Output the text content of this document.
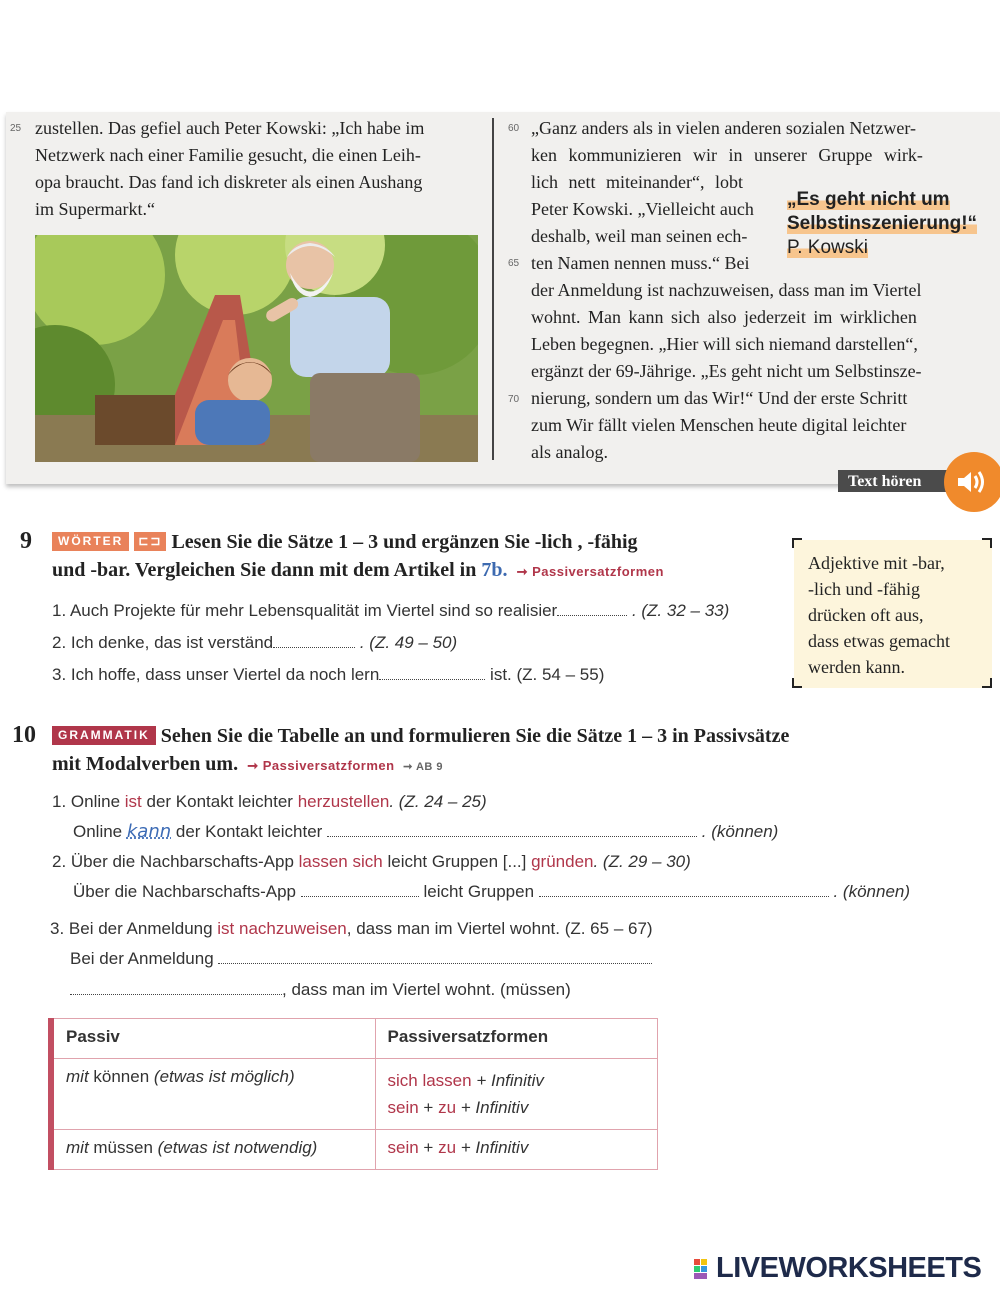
25 zustellen. Das gefiel auch Peter Kowski: „Ich habe im
Netzwerk nach einer Familie gesucht, die einen Leih-
opa braucht. Das fand ich diskreter als einen Aushang
im Supermarkt.“
60 „Ganz anders als in vielen anderen sozialen Netzwer-
ken kommunizieren wir in unserer Gruppe wirk-
lich nett miteinander“, lobt
Peter Kowski. „Vielleicht auch
deshalb, weil man seinen ech-
65 ten Namen nennen muss.“ Bei
der Anmeldung ist nachzuweisen, dass man im Viertel
wohnt. Man kann sich also jederzeit im wirklichen
Leben begegnen. „Hier will sich niemand darstellen“,
ergänzt der 69-Jährige. „Es geht nicht um Selbstinsze-
70 nierung, sondern um das Wir!“ Und der erste Schritt
zum Wir fällt vielen Menschen heute digital leichter
als analog.
„Es geht nicht um
Selbstinszenierung!“
P. Kowski
Text hören
9	WÖRTER ⊏⊐ Lesen Sie die Sätze 1 – 3 und ergänzen Sie -lich , -fähig
und -bar. Vergleichen Sie dann mit dem Artikel in 7b.  ➞ Passiversatzformen
1. Auch Projekte für mehr Lebensqualität im Viertel sind so realisier	. (Z. 32 – 33)
2. Ich denke, das ist verständ	. (Z. 49 – 50)
3. Ich hoffe, dass unser Viertel da noch lern	ist. (Z. 54 – 55)
Adjektive mit -bar,
-lich und -fähig
drücken oft aus,
dass etwas gemacht
werden kann.
10	GRAMMATIK Sehen Sie die Tabelle an und formulieren Sie die Sätze 1 – 3 in Passivsätze
mit Modalverben um.  ➞ Passiversatzformen  ➞ AB 9
1. Online ist der Kontakt leichter herzustellen. (Z. 24 – 25)
Online kann der Kontakt leichter	. (können)
2. Über die Nachbarschafts-App lassen sich leicht Gruppen [...] gründen. (Z. 29 – 30)
Über die Nachbarschafts-App	leicht Gruppen	. (können)
3. Bei der Anmeldung ist nachzuweisen, dass man im Viertel wohnt. (Z. 65 – 67)
Bei der Anmeldung
, dass man im Viertel wohnt. (müssen)
Passiv	Passiversatzformen
mit können (etwas ist möglich)	sich lassen + Infinitiv
sein + zu + Infinitiv

mit müssen (etwas ist notwendig)	sein + zu + Infinitiv
LIVEWORKSHEETS
